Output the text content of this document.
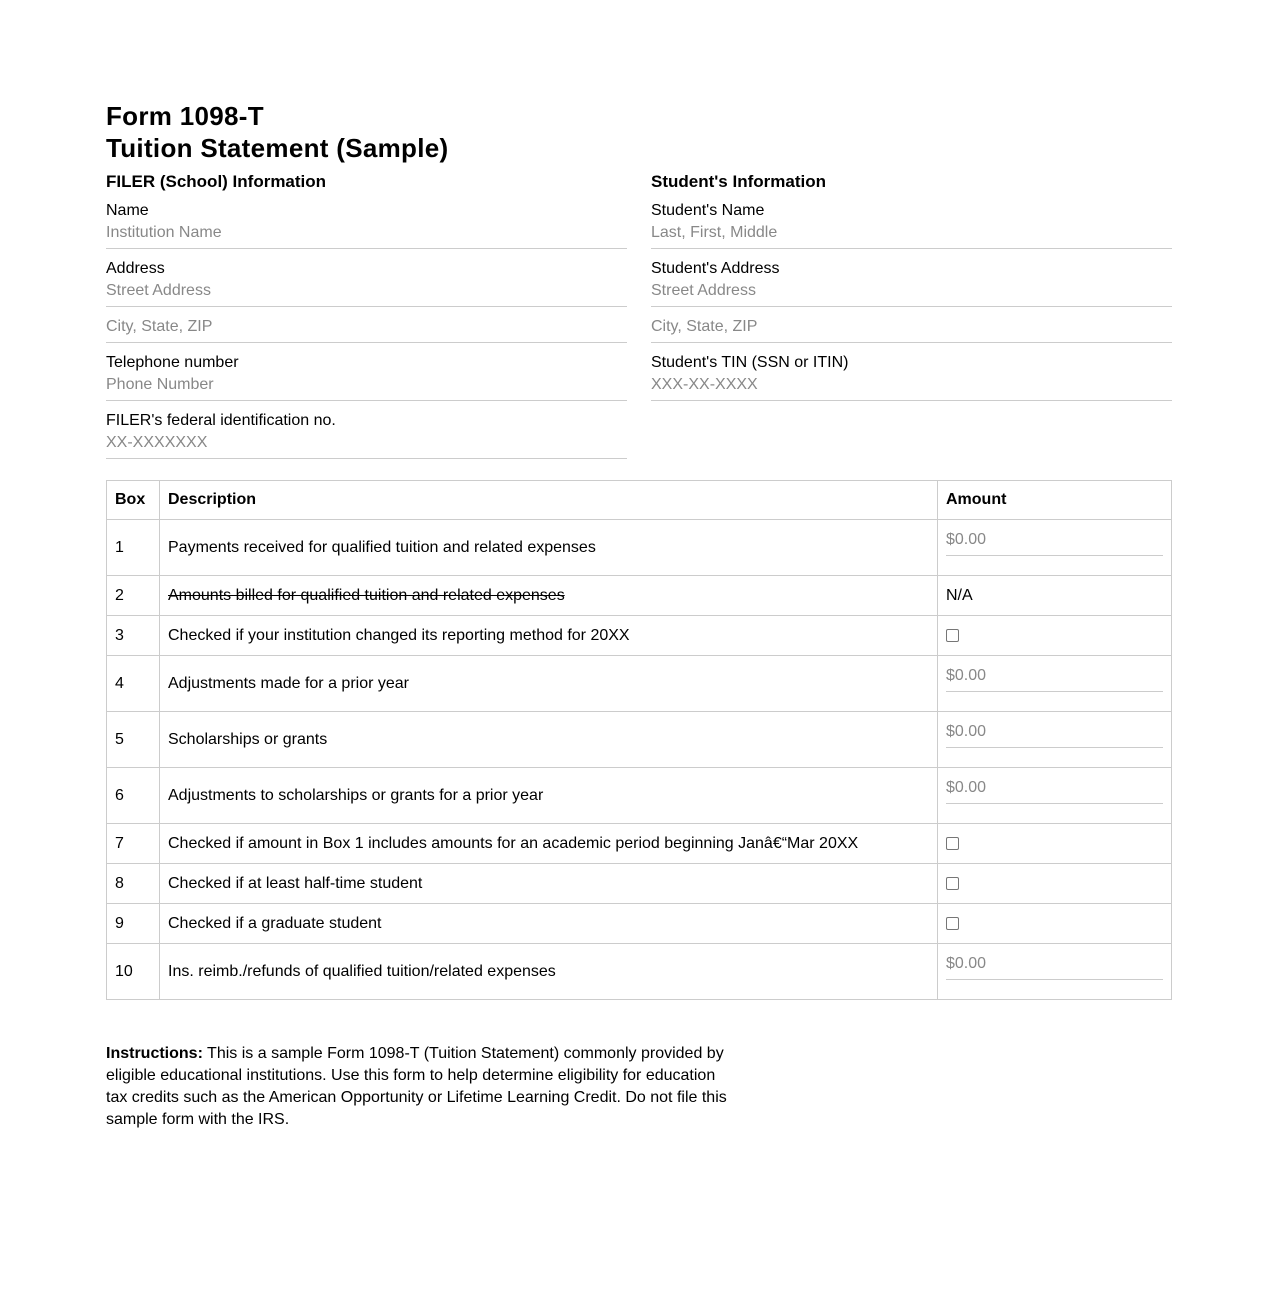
Form 1098-T
Tuition Statement (Sample)
FILER (School) Information
Name
Institution Name
Address
Street Address
City, State, ZIP
Telephone number
Phone Number
FILER's federal identification no.
XX-XXXXXXX
Student's Information
Student's Name
Last, First, Middle
Student's Address
Street Address
City, State, ZIP
Student's TIN (SSN or ITIN)
XXX-XX-XXXX
Box	Description	Amount
1	Payments received for qualified tuition and related expenses	$0.00

2	Amounts billed for qualified tuition and related expenses	N/A
3	Checked if your institution changed its reporting method for 20XX	
4	Adjustments made for a prior year	$0.00

5	Scholarships or grants	$0.00

6	Adjustments to scholarships or grants for a prior year	$0.00

7	Checked if amount in Box 1 includes amounts for an academic period beginning Janâ€“Mar 20XX	
8	Checked if at least half-time student	
9	Checked if a graduate student	
10	Ins. reimb./refunds of qualified tuition/related expenses	$0.00

Instructions: This is a sample Form 1098-T (Tuition Statement) commonly provided by eligible educational institutions. Use this form to help determine eligibility for education tax credits such as the American Opportunity or Lifetime Learning Credit. Do not file this sample form with the IRS.
